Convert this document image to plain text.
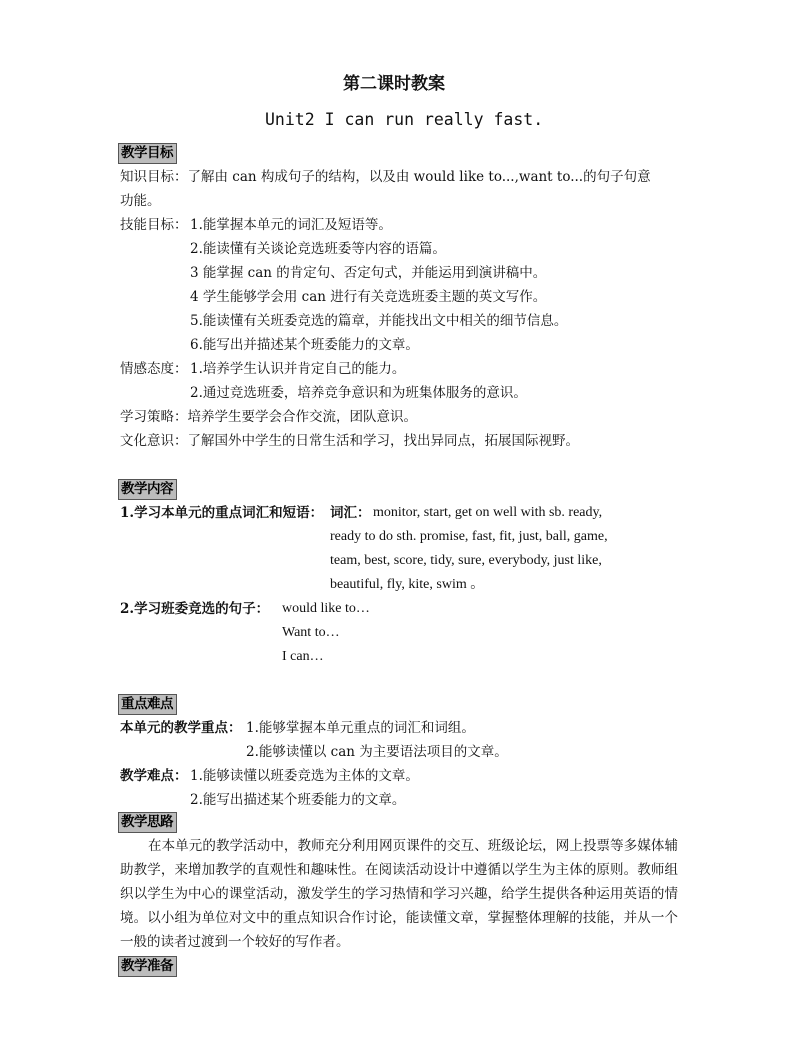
第二课时教案
Unit2 I can run really fast.
教学目标
知识目标：了解由 can 构成句子的结构，以及由 would like to...,want to...的句子句意
功能。
技能目标： 1.能掌握本单元的词汇及短语等。
2.能读懂有关谈论竞选班委等内容的语篇。
3 能掌握 can 的肯定句、否定句式，并能运用到演讲稿中。
4 学生能够学会用 can 进行有关竞选班委主题的英文写作。
5.能读懂有关班委竞选的篇章，并能找出文中相关的细节信息。
6.能写出并描述某个班委能力的文章。
情感态度： 1.培养学生认识并肯定自己的能力。
2.通过竞选班委，培养竞争意识和为班集体服务的意识。
学习策略：培养学生要学会合作交流，团队意识。
文化意识：了解国外中学生的日常生活和学习，找出异同点，拓展国际视野。
教学内容
1.学习本单元的重点词汇和短语： 词汇： monitor, start, get on well with sb. ready,
ready to do sth. promise, fast, fit, just, ball, game,
team, best, score, tidy, sure, everybody, just like,
beautiful, fly, kite, swim 。
2.学习班委竞选的句子： would like to…
Want to…
I can…
重点难点
本单元的教学重点： 1.能够掌握本单元重点的词汇和词组。
2.能够读懂以 can 为主要语法项目的文章。
教学难点： 1.能够读懂以班委竞选为主体的文章。
2.能写出描述某个班委能力的文章。
教学思路
在本单元的教学活动中，教师充分利用网页课件的交互、班级论坛，网上投票等多媒体辅助教学，来增加教学的直观性和趣味性。在阅读活动设计中遵循以学生为主体的原则。教师组织以学生为中心的课堂活动，激发学生的学习热情和学习兴趣，给学生提供各种运用英语的情境。以小组为单位对文中的重点知识合作讨论，能读懂文章，掌握整体理解的技能，并从一个一般的读者过渡到一个较好的写作者。
教学准备
